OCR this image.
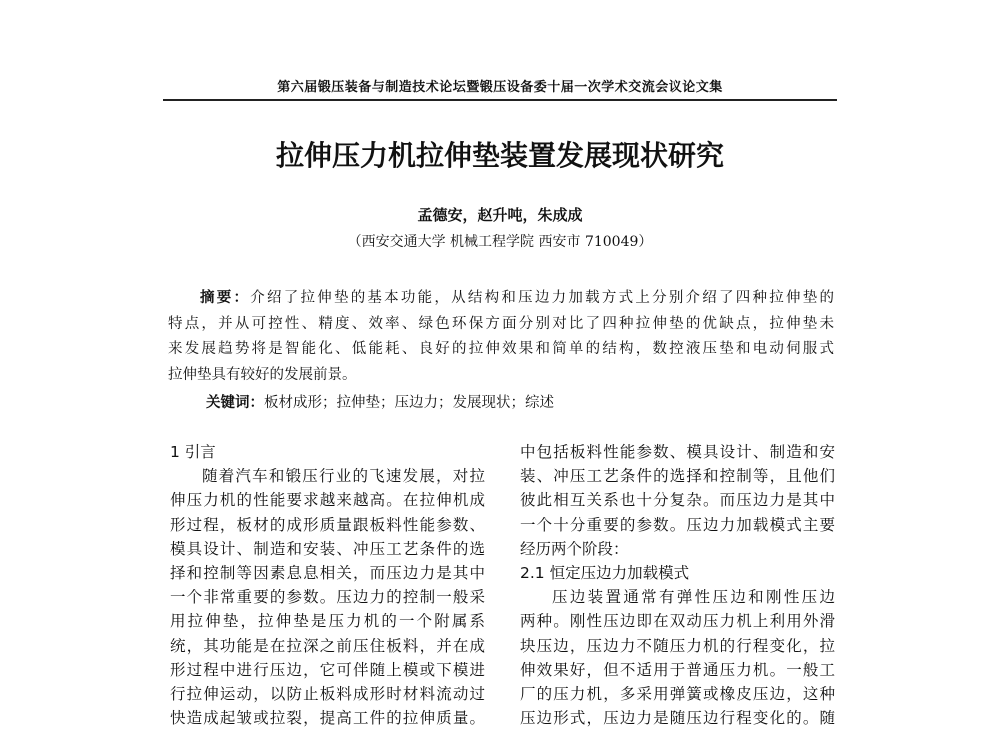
第六届锻压装备与制造技术论坛暨锻压设备委十届一次学术交流会议论文集
拉伸压力机拉伸垫装置发展现状研究
孟德安，赵升吨，朱成成
（西安交通大学 机械工程学院 西安市 710049）
摘要：介绍了拉伸垫的基本功能，从结构和压边力加载方式上分别介绍了四种拉伸垫的
特点，并从可控性、精度、效率、绿色环保方面分别对比了四种拉伸垫的优缺点，拉伸垫未
来发展趋势将是智能化、低能耗、良好的拉伸效果和简单的结构，数控液压垫和电动伺服式
拉伸垫具有较好的发展前景。
关键词：板材成形；拉伸垫；压边力；发展现状；综述
1 引言
随着汽车和锻压行业的飞速发展，对拉
伸压力机的性能要求越来越高。在拉伸机成
形过程，板材的成形质量跟板料性能参数、
模具设计、制造和安装、冲压工艺条件的选
择和控制等因素息息相关，而压边力是其中
一个非常重要的参数。压边力的控制一般采
用拉伸垫，拉伸垫是压力机的一个附属系
统，其功能是在拉深之前压住板料，并在成
形过程中进行压边，它可伴随上模或下模进
行拉伸运动，以防止板料成形时材料流动过
快造成起皱或拉裂，提高工件的拉伸质量。
中包括板料性能参数、模具设计、制造和安
装、冲压工艺条件的选择和控制等，且他们
彼此相互关系也十分复杂。而压边力是其中
一个十分重要的参数。压边力加载模式主要
经历两个阶段：
2.1 恒定压边力加载模式
压边装置通常有弹性压边和刚性压边
两种。刚性压边即在双动压力机上利用外滑
块压边，压边力不随压力机的行程变化，拉
伸效果好，但不适用于普通压力机。一般工
厂的压力机，多采用弹簧或橡皮压边，这种
压边形式，压边力是随压边行程变化的。随
